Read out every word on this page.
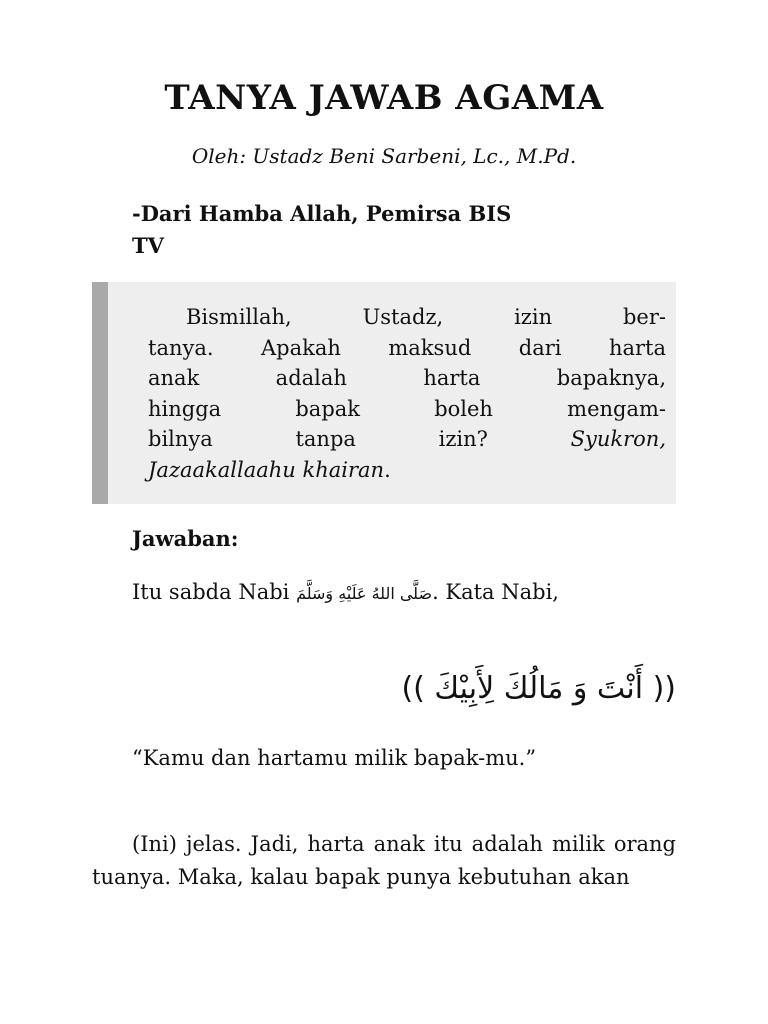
TANYA JAWAB AGAMA
Oleh: Ustadz Beni Sarbeni, Lc., M.Pd.
-Dari Hamba Allah, Pemirsa BIS
TV
Bismillah, Ustadz, izin ber-
tanya. Apakah maksud dari harta
anak adalah harta bapaknya,
hingga bapak boleh mengam-
bilnya tanpa izin?	Syukron,
Jazaakallaahu khairan.
Jawaban:
Itu sabda Nabi صَلَّى اللهُ عَلَيْهِ وَسَلَّمَ. Kata Nabi,
(( أَنْتَ وَ مَالُكَ لِأَبِيْكَ ))
“Kamu dan hartamu milik bapak-mu.”
(Ini) jelas. Jadi, harta anak itu adalah milik orang tuanya. Maka, kalau bapak punya kebutuhan akan
